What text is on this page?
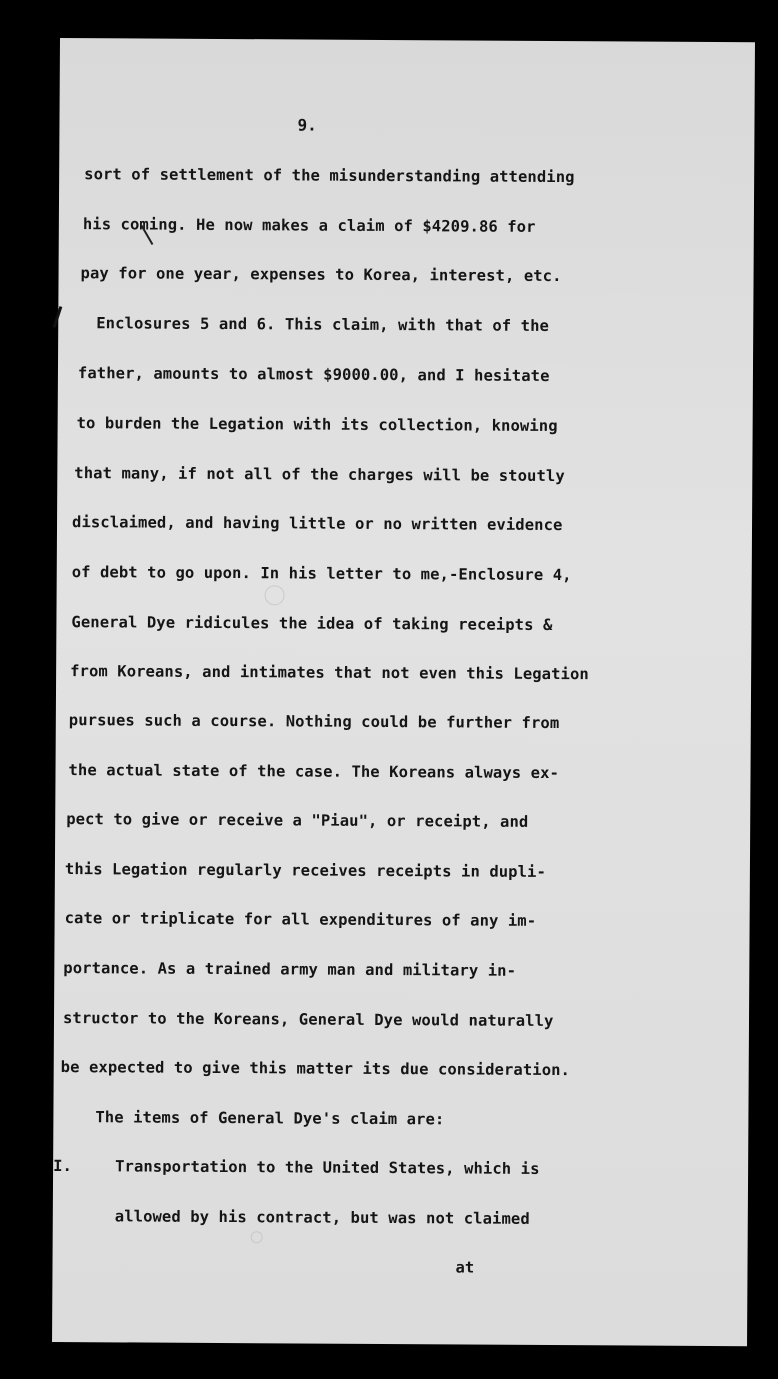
9.
sort of settlement of the misunderstanding attending
his coming. He now makes a claim of $4209.86 for
pay for one year, expenses to Korea, interest, etc.
Enclosures 5 and 6. This claim, with that of the
father, amounts to almost $9000.00, and I hesitate
to burden the Legation with its collection, knowing
that many, if not all of the charges will be stoutly
disclaimed, and having little or no written evidence
of debt to go upon. In his letter to me,-Enclosure 4,
General Dye ridicules the idea of taking receipts &
from Koreans, and intimates that not even this Legation
pursues such a course. Nothing could be further from
the actual state of the case. The Koreans always ex-
pect to give or receive a "Piau", or receipt, and
this Legation regularly receives receipts in dupli-
cate or triplicate for all expenditures of any im-
portance. As a trained army man and military in-
structor to the Koreans, General Dye would naturally
be expected to give this matter its due consideration.
The items of General Dye's claim are:
I.	Transportation to the United States, which is
allowed by his contract, but was not claimed
at
